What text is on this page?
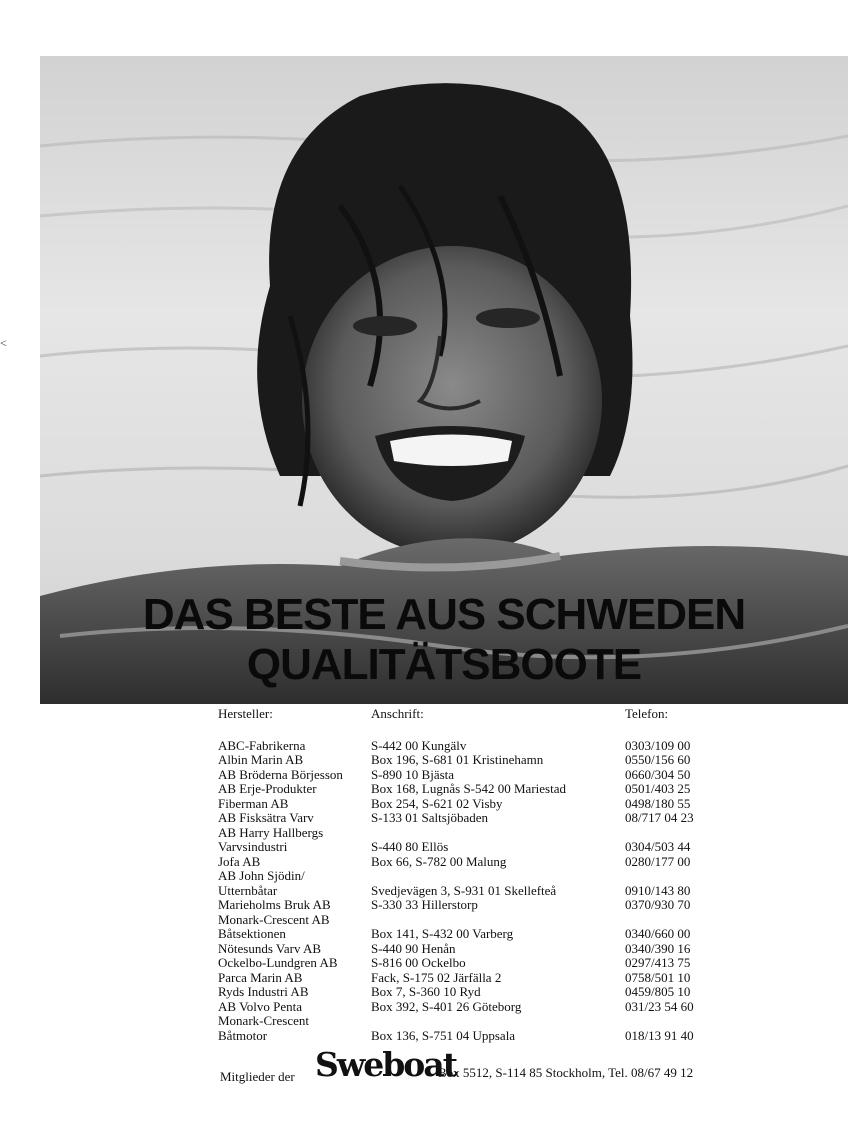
<
DAS BESTE AUS SCHWEDEN
QUALITÄTSBOOTE
Hersteller:
ABC-Fabrikerna
Albin Marin AB
AB Bröderna Börjesson
AB Erje-Produkter
Fiberman AB
AB Fisksätra Varv
AB Harry Hallbergs
Varvsindustri
Jofa AB
AB John Sjödin/
Utternbåtar
Marieholms Bruk AB
Monark-Crescent AB
Båtsektionen
Nötesunds Varv AB
Ockelbo-Lundgren AB
Parca Marin AB
Ryds Industri AB
AB Volvo Penta
Monark-Crescent
Båtmotor
Anschrift:
S-442 00 Kungälv
Box 196, S-681 01 Kristinehamn
S-890 10 Bjästa
Box 168, Lugnås S-542 00 Mariestad
Box 254, S-621 02 Visby
S-133 01 Saltsjöbaden
S-440 80 Ellös
Box 66, S-782 00 Malung
Svedjevägen 3, S-931 01 Skellefteå
S-330 33 Hillerstorp
Box 141, S-432 00 Varberg
S-440 90 Henån
S-816 00 Ockelbo
Fack, S-175 02 Järfälla 2
Box 7, S-360 10 Ryd
Box 392, S-401 26 Göteborg
Box 136, S-751 04 Uppsala
Telefon:
0303/109 00
0550/156 60
0660/304 50
0501/403 25
0498/180 55
08/717 04 23
0304/503 44
0280/177 00
0910/143 80
0370/930 70
0340/660 00
0340/390 16
0297/413 75
0758/501 10
0459/805 10
031/23 54 60
018/13 91 40
Mitglieder der Sweboat
Box 5512, S-114 85 Stockholm, Tel. 08/67 49 12
